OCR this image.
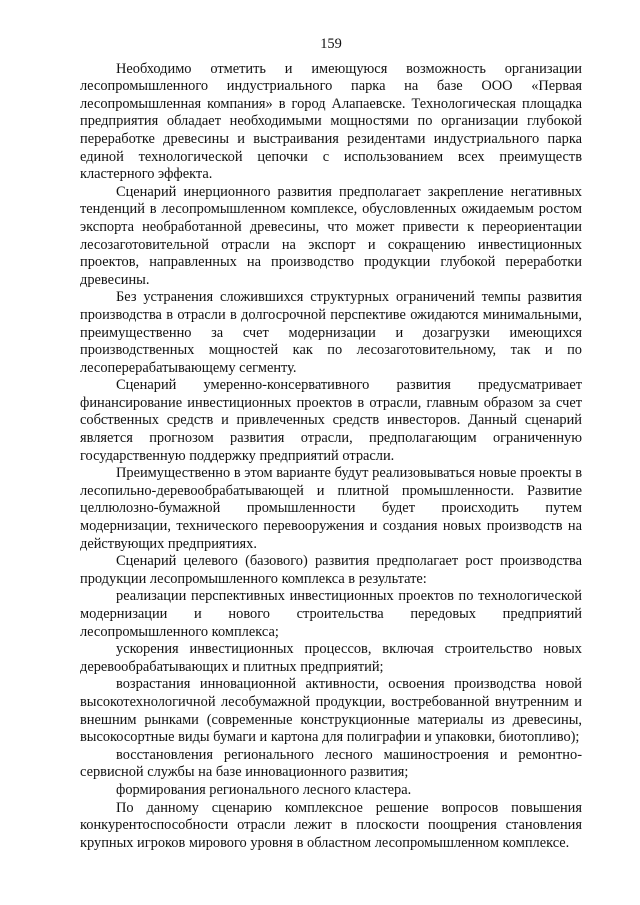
159

Необходимо отметить и имеющуюся возможность организации лесопромышленного индустриального парка на базе ООО «Первая лесопромышленная компания» в город Алапаевске. Технологическая площадка предприятия обладает необходимыми мощностями по организации глубокой переработке древесины и выстраивания резидентами индустриального парка единой технологической цепочки с использованием всех преимуществ кластерного эффекта.

Сценарий инерционного развития предполагает закрепление негативных тенденций в лесопромышленном комплексе, обусловленных ожидаемым ростом экспорта необработанной древесины, что может привести к переориентации лесозаготовительной отрасли на экспорт и сокращению инвестиционных проектов, направленных на производство продукции глубокой переработки древесины.

Без устранения сложившихся структурных ограничений темпы развития производства в отрасли в долгосрочной перспективе ожидаются минимальными, преимущественно за счет модернизации и дозагрузки имеющихся производственных мощностей как по лесозаготовительному, так и по лесоперерабатывающему сегменту.

Сценарий умеренно-консервативного развития предусматривает финансирование инвестиционных проектов в отрасли, главным образом за счет собственных средств и привлеченных средств инвесторов. Данный сценарий является прогнозом развития отрасли, предполагающим ограниченную государственную поддержку предприятий отрасли.

Преимущественно в этом варианте будут реализовываться новые проекты в лесопильно-деревообрабатывающей и плитной промышленности. Развитие целлюлозно-бумажной промышленности будет происходить путем модернизации, технического перевооружения и создания новых производств на действующих предприятиях.

Сценарий целевого (базового) развития предполагает рост производства продукции лесопромышленного комплекса в результате:

реализации перспективных инвестиционных проектов по технологической модернизации и нового строительства передовых предприятий лесопромышленного комплекса;

ускорения инвестиционных процессов, включая строительство новых деревообрабатывающих и плитных предприятий;

возрастания инновационной активности, освоения производства новой высокотехнологичной лесобумажной продукции, востребованной внутренним и внешним рынками (современные конструкционные материалы из древесины, высокосортные виды бумаги и картона для полиграфии и упаковки, биотопливо);

восстановления регионального лесного машиностроения и ремонтно-сервисной службы на базе инновационного развития;

формирования регионального лесного кластера.

По данному сценарию комплексное решение вопросов повышения конкурентоспособности отрасли лежит в плоскости поощрения становления крупных игроков мирового уровня в областном лесопромышленном комплексе.
